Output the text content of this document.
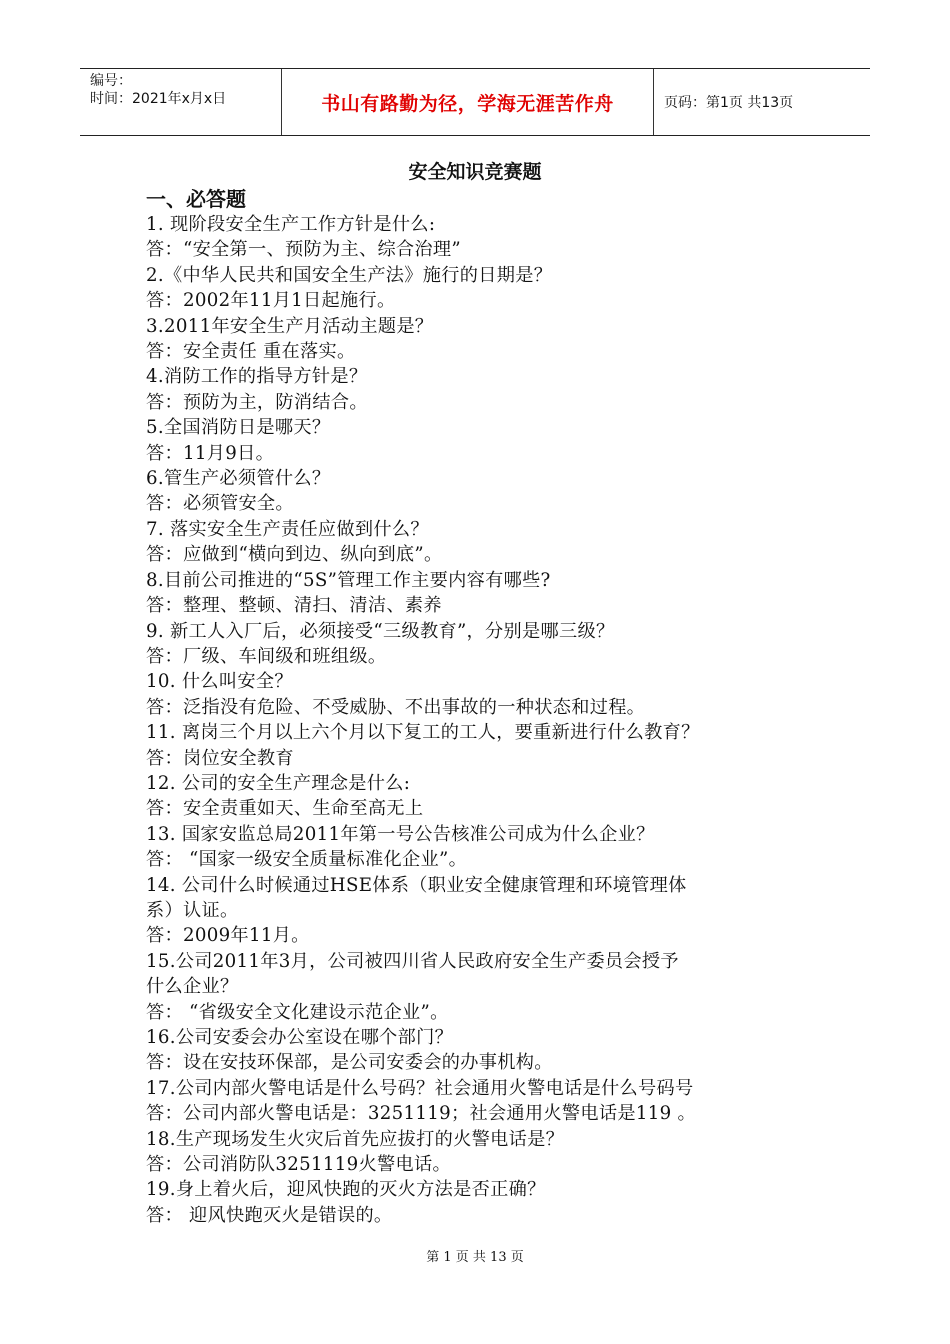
编号：
时间：2021年x月x日	书山有路勤为径，学海无涯苦作舟	页码：第1页 共13页
安全知识竞赛题
一、必答题
1. 现阶段安全生产工作方针是什么:
答：“安全第一、预防为主、综合治理”
2.《中华人民共和国安全生产法》施行的日期是？
答：2002年11月1日起施行。
3.2011年安全生产月活动主题是？
答：安全责任 重在落实。
4.消防工作的指导方针是？
答：预防为主，防消结合。
5.全国消防日是哪天？
答：11月9日。
6.管生产必须管什么？
答：必须管安全。
7. 落实安全生产责任应做到什么？
答：应做到“横向到边、纵向到底”。
8.目前公司推进的“5S”管理工作主要内容有哪些?
答：整理、整顿、清扫、清洁、素养
9. 新工人入厂后，必须接受“三级教育”，分别是哪三级？
答：厂级、车间级和班组级。
10. 什么叫安全？
答：泛指没有危险、不受威胁、不出事故的一种状态和过程。
11. 离岗三个月以上六个月以下复工的工人，要重新进行什么教育？
答：岗位安全教育
12. 公司的安全生产理念是什么:
答：安全责重如天、生命至高无上
13. 国家安监总局2011年第一号公告核准公司成为什么企业？
答： “国家一级安全质量标准化企业”。
14. 公司什么时候通过HSE体系（职业安全健康管理和环境管理体
系）认证。
答：2009年11月。
15.公司2011年3月，公司被四川省人民政府安全生产委员会授予
什么企业？
答： “省级安全文化建设示范企业”。
16.公司安委会办公室设在哪个部门？
答：设在安技环保部，是公司安委会的办事机构。
17.公司内部火警电话是什么号码？社会通用火警电话是什么号码号
答：公司内部火警电话是：3251119；社会通用火警电话是119 。
18.生产现场发生火灾后首先应拔打的火警电话是？
答：公司消防队3251119火警电话。
19.身上着火后，迎风快跑的灭火方法是否正确？
答： 迎风快跑灭火是错误的。
第 1 页 共 13 页
